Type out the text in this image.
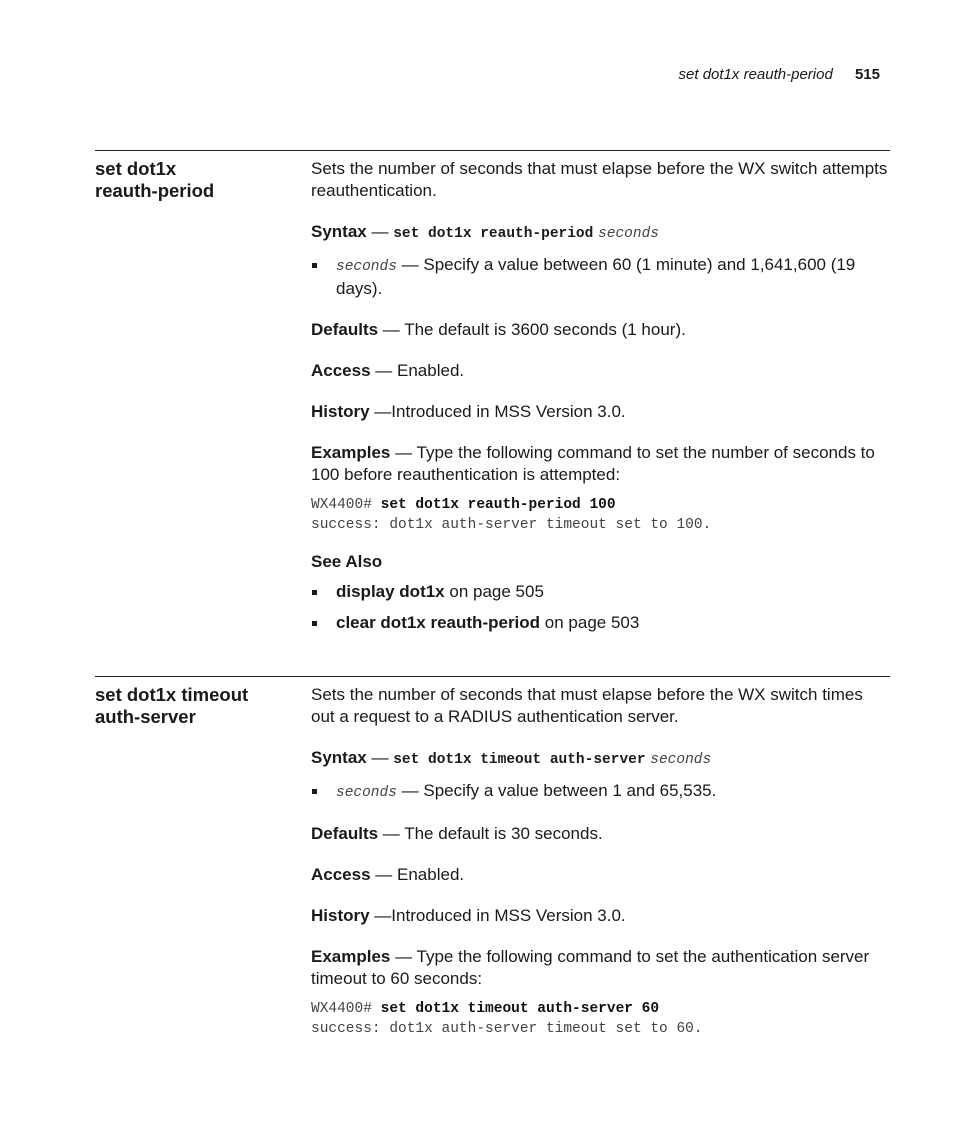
set dot1x reauth-period 515
set dot1x
reauth-period

Sets the number of seconds that must elapse before the WX switch attempts reauthentication.

Syntax — set dot1x reauth-period seconds

seconds — Specify a value between 60 (1 minute) and 1,641,600 (19 days).

Defaults — The default is 3600 seconds (1 hour).

Access — Enabled.

History —Introduced in MSS Version 3.0.

Examples — Type the following command to set the number of seconds to 100 before reauthentication is attempted:

WX4400# set dot1x reauth-period 100
success: dot1x auth-server timeout set to 100.
See Also
display dot1x on page 505
clear dot1x reauth-period on page 503
set dot1x timeout
auth-server

Sets the number of seconds that must elapse before the WX switch times out a request to a RADIUS authentication server.

Syntax — set dot1x timeout auth-server seconds

seconds — Specify a value between 1 and 65,535.

Defaults — The default is 30 seconds.

Access — Enabled.

History —Introduced in MSS Version 3.0.

Examples — Type the following command to set the authentication server timeout to 60 seconds:

WX4400# set dot1x timeout auth-server 60
success: dot1x auth-server timeout set to 60.
